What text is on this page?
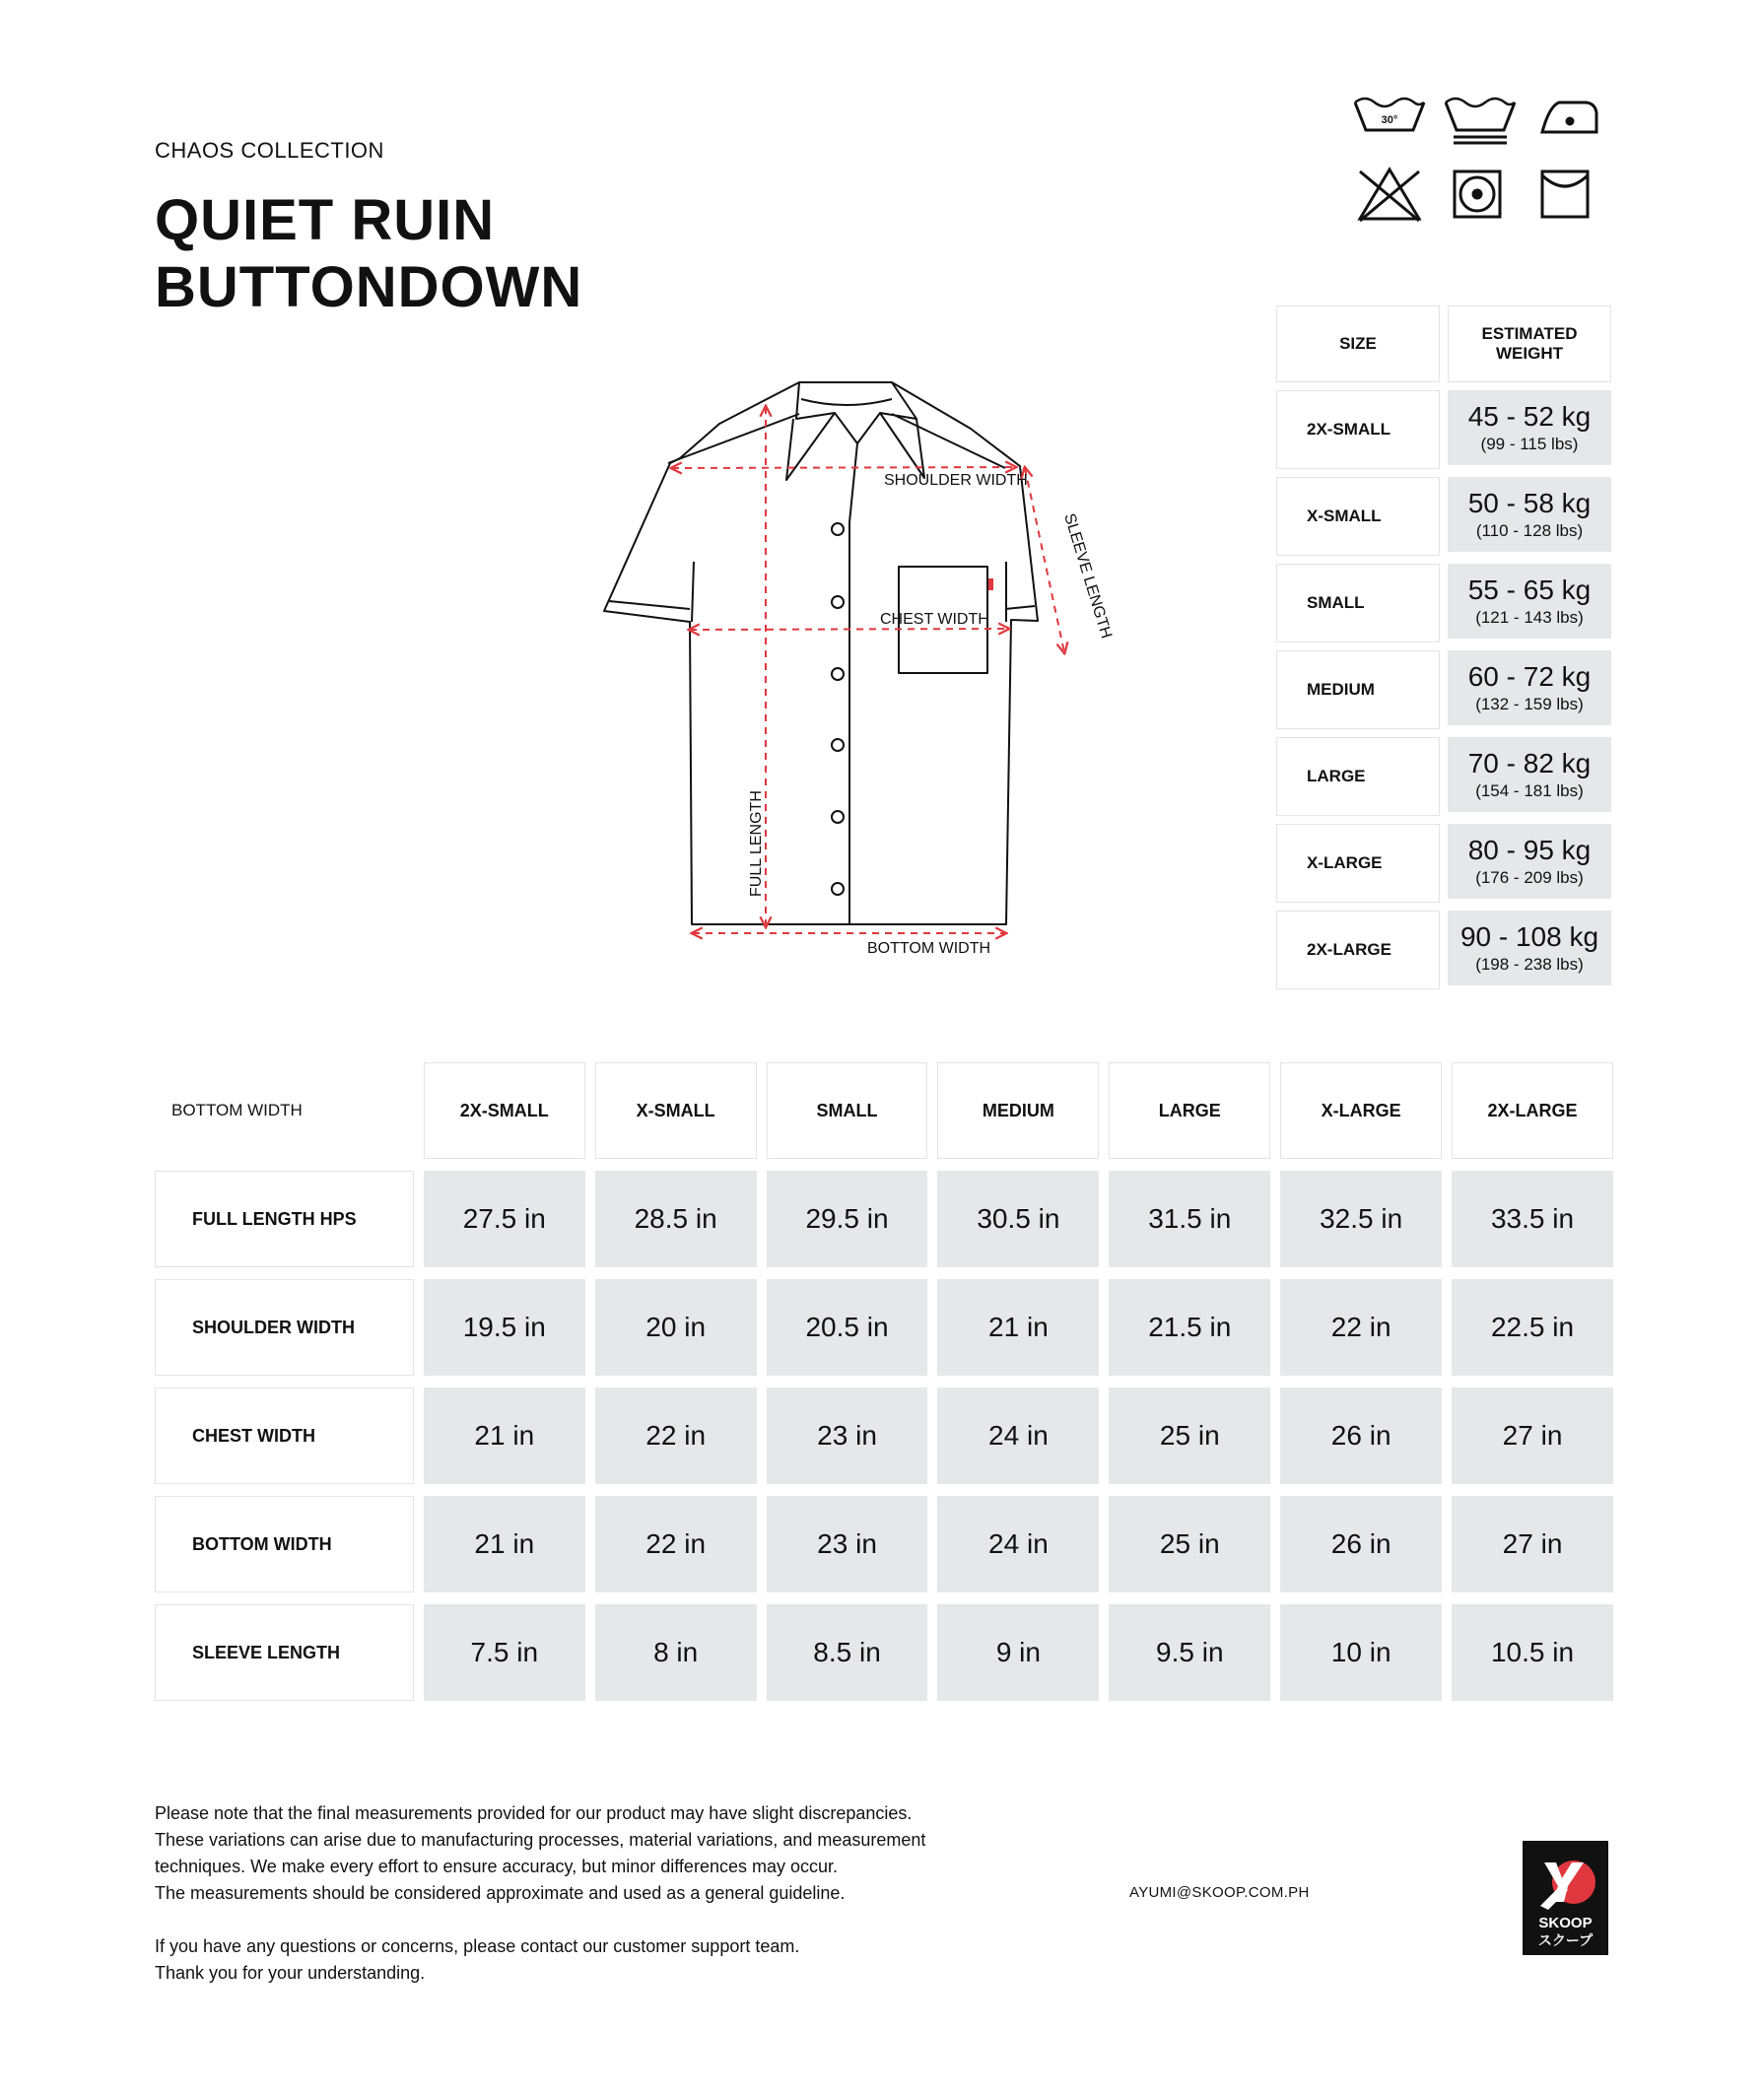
CHAOS COLLECTION
QUIET RUIN
BUTTONDOWN
30°
SIZE
ESTIMATED
WEIGHT
2X-SMALL	45 - 52 kg
(99 - 115 lbs)
X-SMALL	50 - 58 kg
(110 - 128 lbs)
SMALL	55 - 65 kg
(121 - 143 lbs)
MEDIUM	60 - 72 kg
(132 - 159 lbs)
LARGE	70 - 82 kg
(154 - 181 lbs)
X-LARGE	80 - 95 kg
(176 - 209 lbs)
2X-LARGE	90 - 108 kg
(198 - 238 lbs)
SHOULDER WIDTH
CHEST WIDTH
BOTTOM WIDTH
FULL LENGTH
SLEEVE LENGTH
BOTTOM WIDTH	2X-SMALL	X-SMALL	SMALL	MEDIUM	LARGE	X-LARGE	2X-LARGE
FULL LENGTH HPS	27.5 in	28.5 in	29.5 in	30.5 in	31.5 in	32.5 in	33.5 in
SHOULDER WIDTH	19.5 in	20 in	20.5 in	21 in	21.5 in	22 in	22.5 in
CHEST WIDTH	21 in	22 in	23 in	24 in	25 in	26 in	27 in
BOTTOM WIDTH	21 in	22 in	23 in	24 in	25 in	26 in	27 in
SLEEVE LENGTH	7.5 in	8 in	8.5 in	9 in	9.5 in	10 in	10.5 in

Please note that the final measurements provided for our product may have slight discrepancies.

These variations can arise due to manufacturing processes, material variations, and measurement

techniques. We make every effort to ensure accuracy, but minor differences may occur.

The measurements should be considered approximate and used as a general guideline.

If you have any questions or concerns, please contact our customer support team.

Thank you for your understanding.

AYUMI@SKOOP.COM.PH
SKOOP
スクープ
